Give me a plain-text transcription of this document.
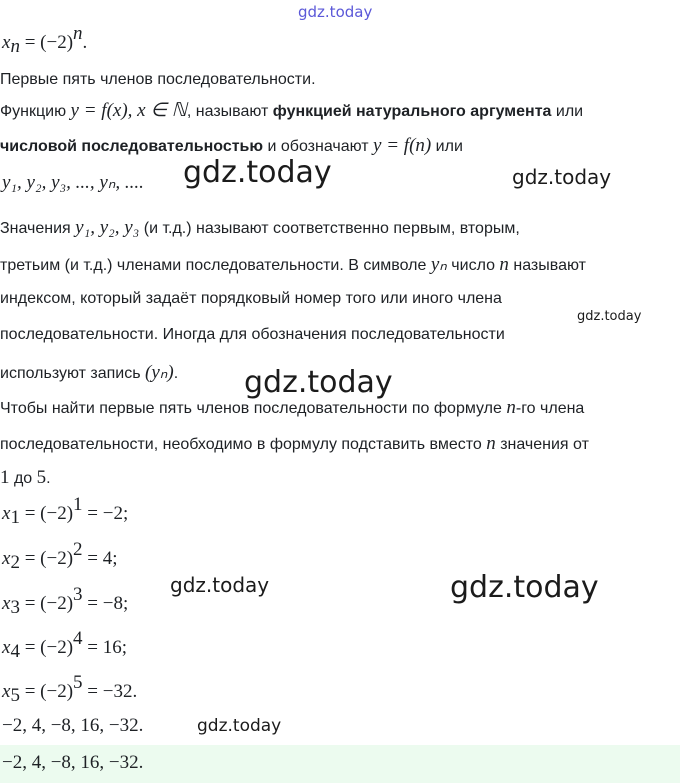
gdz.today
gdz.today	gdz.today
gdz.today
gdz.today
gdz.today	gdz.today
gdz.today
$x_n = (-2)^n$.
Первые пять членов последовательности.
Функцию y = f(x), x ∈ ℕ, называют функцией натурального аргумента или
числовой последовательностью и обозначают y = f(n) или
y₁, y₂, y₃, ..., yₙ, ....
Значения y₁, y₂, y₃ (и т.д.) называют соответственно первым, вторым,
третьим (и т.д.) членами последовательности. В символе yₙ число n называют
индексом, который задаёт порядковый номер того или иного члена
последовательности. Иногда для обозначения последовательности
используют запись (yₙ).
Чтобы найти первые пять членов последовательности по формуле n-го члена
последовательности, необходимо в формулу подставить вместо n значения от
1 до 5.
$x_1 = (-2)^1 = -2$;
$x_2 = (-2)^2 = 4$;
$x_3 = (-2)^3 = -8$;
$x_4 = (-2)^4 = 16$;
$x_5 = (-2)^5 = -32$.
−2, 4, −8, 16, −32.
−2, 4, −8, 16, −32.
